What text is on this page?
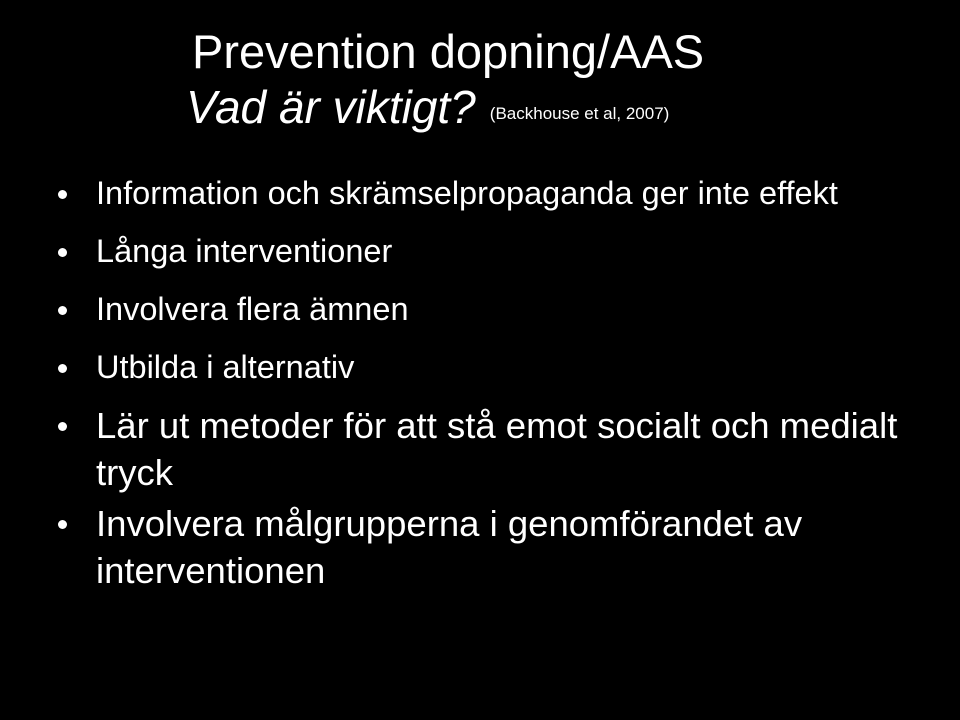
Prevention dopning/AAS
Vad är viktigt? (Backhouse et al, 2007)
Information och skrämselpropaganda ger inte effekt
Långa interventioner
Involvera flera ämnen
Utbilda i alternativ
Lär ut metoder för att stå emot socialt och medialt tryck
Involvera målgrupperna i genomförandet av interventionen
